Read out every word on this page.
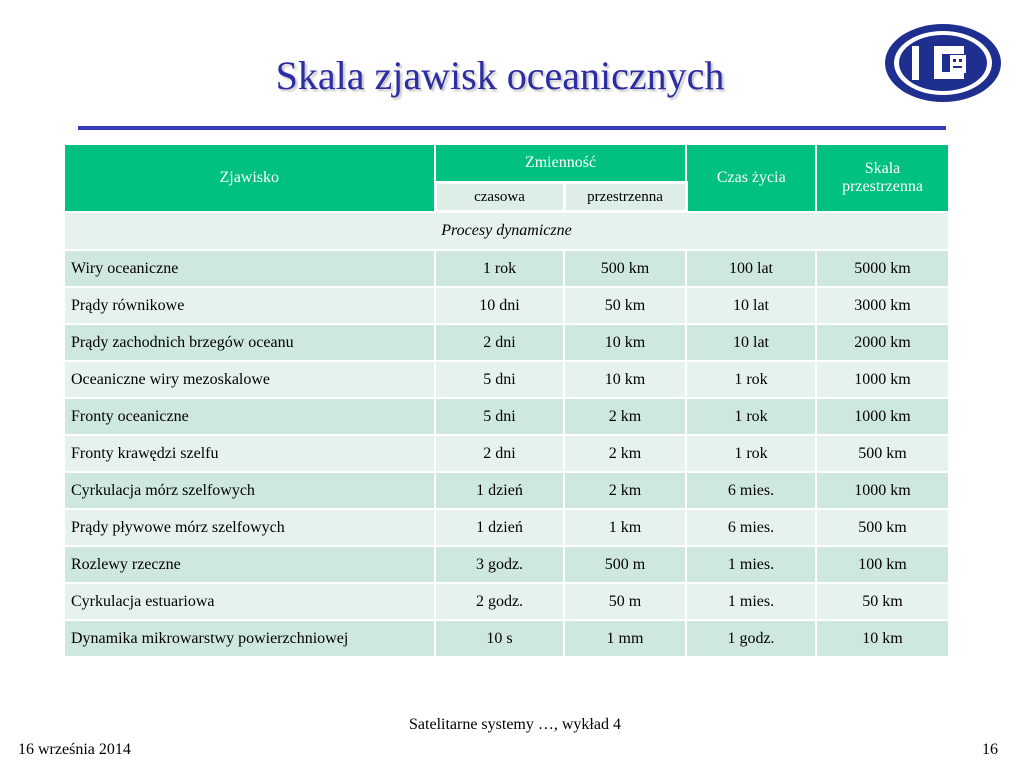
Skala zjawisk oceanicznych
Zjawisko	Zmienność		Czas życia	Skala przestrzenna
	czasowa	przestrzenna		
Procesy dynamiczne				
Wiry oceaniczne	1 rok	500 km	100 lat	5000 km
Prądy równikowe	10 dni	50 km	10 lat	3000 km
Prądy zachodnich brzegów oceanu	2 dni	10 km	10 lat	2000 km
Oceaniczne wiry mezoskalowe	5 dni	10 km	1 rok	1000 km
Fronty oceaniczne	5 dni	2 km	1 rok	1000 km
Fronty krawędzi szelfu	2 dni	2 km	1 rok	500 km
Cyrkulacja mórz szelfowych	1 dzień	2 km	6 mies.	1000 km
Prądy pływowe mórz szelfowych	1 dzień	1 km	6 mies.	500 km
Rozlewy rzeczne	3 godz.	500 m	1 mies.	100 km
Cyrkulacja estuariowa	2 godz.	50 m	1 mies.	50 km
Dynamika mikrowarstwy powierzchniowej	10 s	1 mm	1 godz.	10 km
Satelitarne systemy …, wykład 4
16 września 2014	16
